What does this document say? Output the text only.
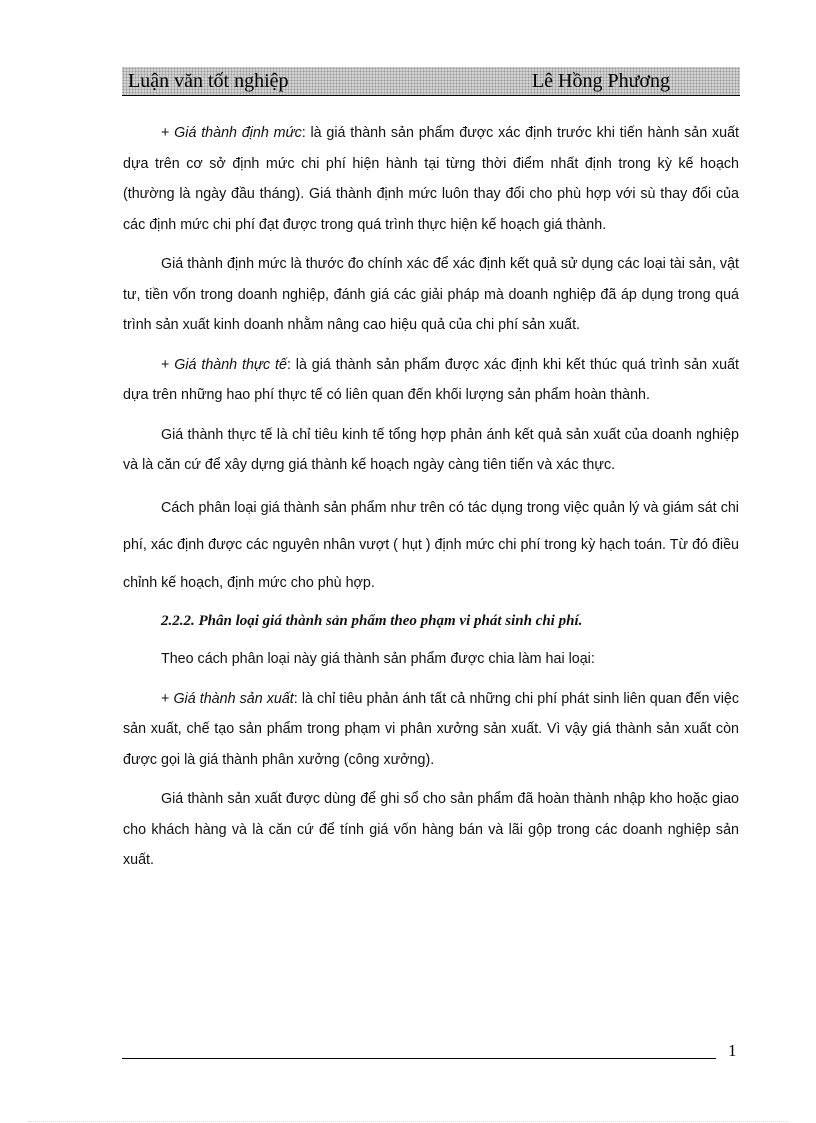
Luận văn tốt nghiệp	Lê Hồng Phương

+ Giá thành định mức: là giá thành sản phẩm được xác định trước khi tiến hành sản xuất dựa trên cơ sở định mức chi phí hiện hành tại từng thời điểm nhất định trong kỳ kế hoạch (thường là ngày đầu tháng). Giá thành định mức luôn thay đổi cho phù hợp với sù thay đổi của các định mức chi phí đạt được trong quá trình thực hiện kế hoạch giá thành.

Giá thành định mức là thước đo chính xác để xác định kết quả sử dụng các loại tài sản, vật tư, tiền vốn trong doanh nghiệp, đánh giá các giải pháp mà doanh nghiệp đã áp dụng trong quá trình sản xuất kinh doanh nhằm nâng cao hiệu quả của chi phí sản xuất.

+ Giá thành thực tế: là giá thành sản phẩm được xác định khi kết thúc quá trình sản xuất dựa trên những hao phí thực tế có liên quan đến khối lượng sản phẩm hoàn thành.

Giá thành thực tế là chỉ tiêu kinh tế tổng hợp phản ánh kết quả sản xuất của doanh nghiệp và là căn cứ để xây dựng giá thành kế hoạch ngày càng tiên tiến và xác thực.

Cách phân loại giá thành sản phẩm như trên có tác dụng trong việc quản lý và giám sát chi phí, xác định được các nguyên nhân vượt ( hụt ) định mức chi phí trong kỳ hạch toán. Từ đó điều chỉnh kế hoạch, định mức cho phù hợp.

2.2.2. Phân loại giá thành sản phẩm theo phạm vi phát sinh chi phí.

Theo cách phân loại này giá thành sản phẩm được chia làm hai loại:

+ Giá thành sản xuất: là chỉ tiêu phản ánh tất cả những chi phí phát sinh liên quan đến việc sản xuất, chế tạo sản phẩm trong phạm vi phân xưởng sản xuất. Vì vậy giá thành sản xuất còn được gọi là giá thành phân xưởng (công xưởng).

Giá thành sản xuất được dùng để ghi sổ cho sản phẩm đã hoàn thành nhập kho hoặc giao cho khách hàng và là căn cứ để tính giá vốn hàng bán và lãi gộp trong các doanh nghiệp sản xuất.

1
